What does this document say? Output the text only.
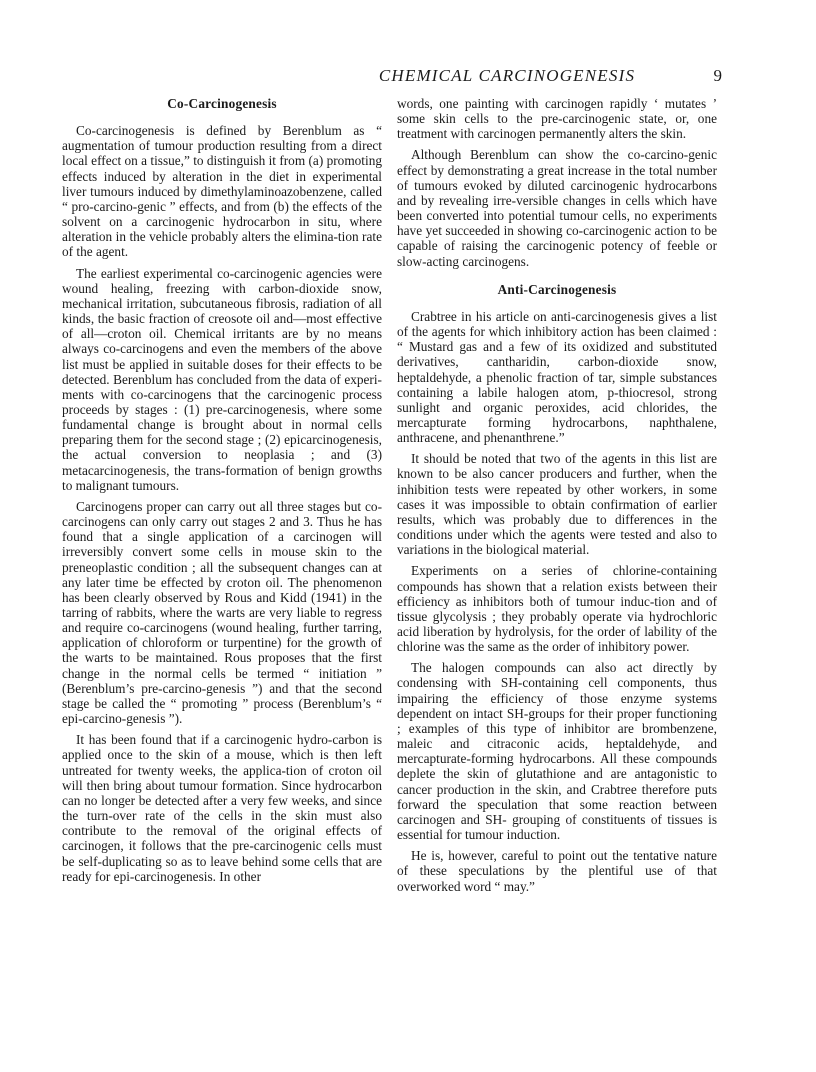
CHEMICAL CARCINOGENESIS	9
Co-Carcinogenesis

Co-carcinogenesis is defined by Berenblum as “ augmentation of tumour production resulting from a direct local effect on a tissue,” to distinguish it from (a) promoting effects induced by alteration in the diet in experimental liver tumours induced by dimethylaminoazobenzene, called “ pro-carcino-genic ” effects, and from (b) the effects of the solvent on a carcinogenic hydrocarbon in situ, where alteration in the vehicle probably alters the elimina-tion rate of the agent.

The earliest experimental co-carcinogenic agencies were wound healing, freezing with carbon-dioxide snow, mechanical irritation, subcutaneous fibrosis, radiation of all kinds, the basic fraction of creosote oil and—most effective of all—croton oil. Chemical irritants are by no means always co-carcinogens and even the members of the above list must be applied in suitable doses for their effects to be detected. Berenblum has concluded from the data of experi-ments with co-carcinogens that the carcinogenic process proceeds by stages : (1) pre-carcinogenesis, where some fundamental change is brought about in normal cells preparing them for the second stage ; (2) epicarcinogenesis, the actual conversion to neoplasia ; and (3) metacarcinogenesis, the trans-formation of benign growths to malignant tumours.

Carcinogens proper can carry out all three stages but co-carcinogens can only carry out stages 2 and 3. Thus he has found that a single application of a carcinogen will irreversibly convert some cells in mouse skin to the preneoplastic condition ; all the subsequent changes can at any later time be effected by croton oil. The phenomenon has been clearly observed by Rous and Kidd (1941) in the tarring of rabbits, where the warts are very liable to regress and require co-carcinogens (wound healing, further tarring, application of chloroform or turpentine) for the growth of the warts to be maintained. Rous proposes that the first change in the normal cells be termed “ initiation ” (Berenblum’s pre-carcino-genesis ”) and that the second stage be called the “ promoting ” process (Berenblum’s “ epi-carcino-genesis ”).

It has been found that if a carcinogenic hydro-carbon is applied once to the skin of a mouse, which is then left untreated for twenty weeks, the applica-tion of croton oil will then bring about tumour formation. Since hydrocarbon can no longer be detected after a very few weeks, and since the turn-over rate of the cells in the skin must also contribute to the removal of the original effects of carcinogen, it follows that the pre-carcinogenic cells must be self-duplicating so as to leave behind some cells that are ready for epi-carcinogenesis. In other

words, one painting with carcinogen rapidly ‘ mutates ’ some skin cells to the pre-carcinogenic state, or, one treatment with carcinogen permanently alters the skin.

Although Berenblum can show the co-carcino-genic effect by demonstrating a great increase in the total number of tumours evoked by diluted carcinogenic hydrocarbons and by revealing irre-versible changes in cells which have been converted into potential tumour cells, no experiments have yet succeeded in showing co-carcinogenic action to be capable of raising the carcinogenic potency of feeble or slow-acting carcinogens.

Anti-Carcinogenesis

Crabtree in his article on anti-carcinogenesis gives a list of the agents for which inhibitory action has been claimed : “ Mustard gas and a few of its oxidized and substituted derivatives, cantharidin, carbon-dioxide snow, heptaldehyde, a phenolic fraction of tar, simple substances containing a labile halogen atom, p-thiocresol, strong sunlight and organic peroxides, acid chlorides, the mercapturate forming hydrocarbons, naphthalene, anthracene, and phenanthrene.”

It should be noted that two of the agents in this list are known to be also cancer producers and further, when the inhibition tests were repeated by other workers, in some cases it was impossible to obtain confirmation of earlier results, which was probably due to differences in the conditions under which the agents were tested and also to variations in the biological material.

Experiments on a series of chlorine-containing compounds has shown that a relation exists between their efficiency as inhibitors both of tumour induc-tion and of tissue glycolysis ; they probably operate via hydrochloric acid liberation by hydrolysis, for the order of lability of the chlorine was the same as the order of inhibitory power.

The halogen compounds can also act directly by condensing with SH-containing cell components, thus impairing the efficiency of those enzyme systems dependent on intact SH-groups for their proper functioning ; examples of this type of inhibitor are brombenzene, maleic and citraconic acids, heptaldehyde, and mercapturate-forming hydrocarbons. All these compounds deplete the skin of glutathione and are antagonistic to cancer production in the skin, and Crabtree therefore puts forward the speculation that some reaction between carcinogen and SH- grouping of constituents of tissues is essential for tumour induction.

He is, however, careful to point out the tentative nature of these speculations by the plentiful use of that overworked word “ may.”
